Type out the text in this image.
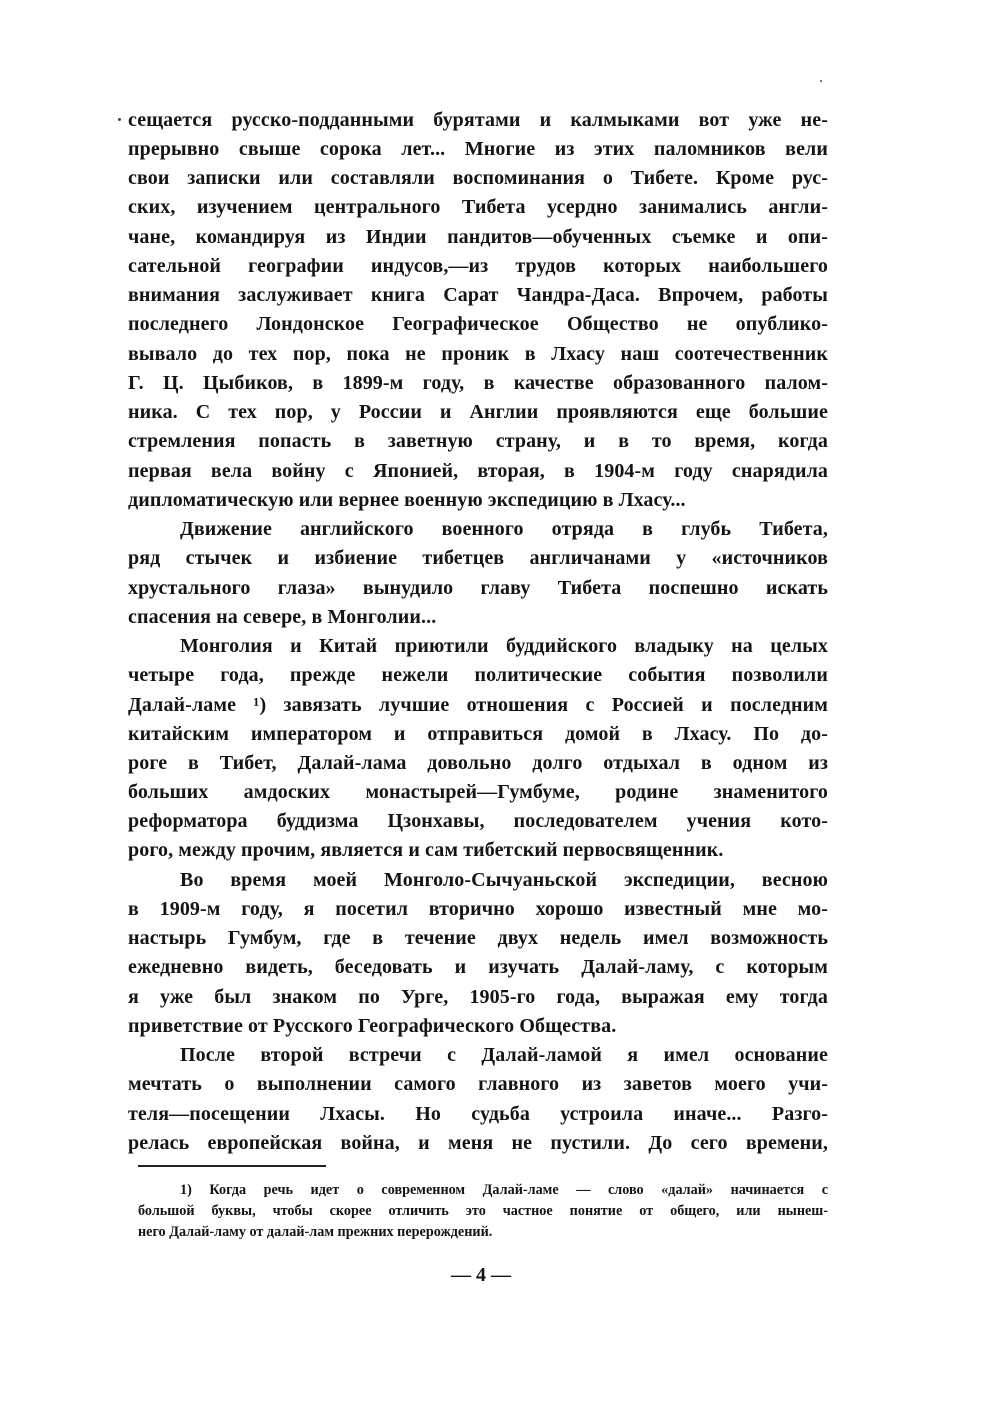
сещается русско-подданными бурятами и калмыками вот уже не-
прерывно свыше сорока лет... Многие из этих паломников вели
свои записки или составляли воспоминания о Тибете. Кроме рус-
ских, изучением центрального Тибета усердно занимались англи-
чане, командируя из Индии пандитов—обученных съемке и опи-
сательной географии индусов,—из трудов которых наибольшего
внимания заслуживает книга Сарат Чандра-Даса. Впрочем, работы
последнего Лондонское Географическое Общество не опублико-
вывало до тех пор, пока не проник в Лхасу наш соотечественник
Г. Ц. Цыбиков, в 1899-м году, в качестве образованного палом-
ника. С тех пор, у России и Англии проявляются еще большие
стремления попасть в заветную страну, и в то время, когда
первая вела войну с Японией, вторая, в 1904-м году снарядила
дипломатическую или вернее военную экспедицию в Лхасу...
Движение английского военного отряда в глубь Тибета,
ряд стычек и избиение тибетцев англичанами у «источников
хрустального глаза» вынудило главу Тибета поспешно искать
спасения на севере, в Монголии...
Монголия и Китай приютили буддийского владыку на целых
четыре года, прежде нежели политические события позволили
Далай-ламе ¹) завязать лучшие отношения с Россией и последним
китайским императором и отправиться домой в Лхасу. По до-
роге в Тибет, Далай-лама довольно долго отдыхал в одном из
больших амдоских монастырей—Гумбуме, родине знаменитого
реформатора буддизма Цзонхавы, последователем учения кото-
рого, между прочим, является и сам тибетский первосвященник.
Во время моей Монголо-Сычуаньской экспедиции, весною
в 1909-м году, я посетил вторично хорошо известный мне мо-
настырь Гумбум, где в течение двух недель имел возможность
ежедневно видеть, беседовать и изучать Далай-ламу, с которым
я уже был знаком по Урге, 1905-го года, выражая ему тогда
приветствие от Русского Географического Общества.
После второй встречи с Далай-ламой я имел основание
мечтать о выполнении самого главного из заветов моего учи-
теля—посещении Лхасы. Но судьба устроила иначе... Разго-
релась европейская война, и меня не пустили. До сего времени,
1) Когда речь идет о современном Далай-ламе — слово «далай» начинается с
большой буквы, чтобы скорее отличить это частное понятие от общего, или нынеш-
него Далай-ламу от далай-лам прежних перерождений.
— 4 —
